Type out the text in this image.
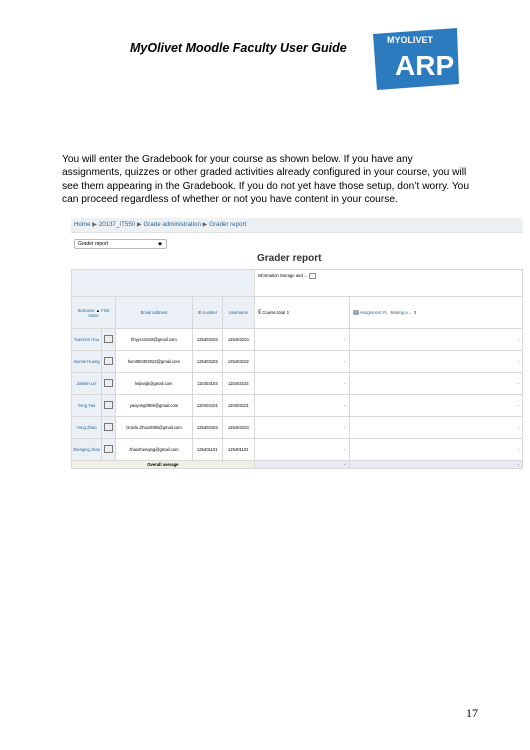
MyOlivet Moodle Faculty User Guide
MYOLIVET
ARP
You will enter the Gradebook for your course as shown below. If you have any assignments, quizzes or other graded activities already configured in your course, you will see them appearing in the Gradebook. If you do not yet have those setup, don’t worry. You can proceed regardless of whether or not you have content in your course.
Home ▶ 20137_IT550 ▶ Grade administration ▶ Grader report
Grader report	◆
Grader report
					Information Storage and ... −	
Surname ▲ First name		Email address	ID number	Username	x̄ Course total ⇕	Assignment #1 . Making a ... ⇕
Yuechen Hou		hhyycc0418@gmail.com	125403104	125403104	-	-
Xiumei Huang		hxm050302022@gmail.com	125403102	125403102	-	-
Jianbin Lei		leijianjb@gmail.com	115403103	115403103	-	-
Yong Yao		yaoyong0905@gmail.com	120403101	120403101	-	-
Yong Zhao		Oracle.Zhao2008@gmail.com	125403103	125403103	-	-
zhenqing zhao		zhaozhenqing@gmail.com	125401101	125401101	-	-
Overall average					-	-
17
